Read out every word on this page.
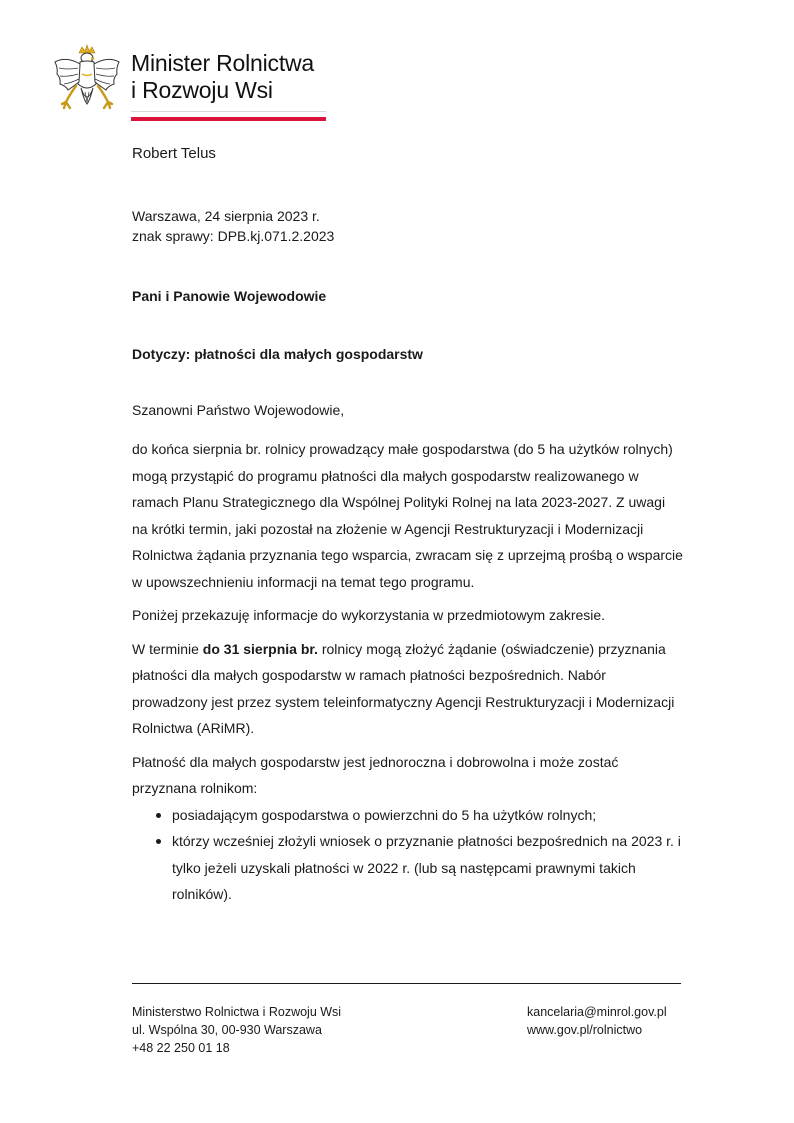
Minister Rolnictwa
i Rozwoju Wsi
Robert Telus
Warszawa, 24 sierpnia 2023 r.
znak sprawy: DPB.kj.071.2.2023
Pani i Panowie Wojewodowie
Dotyczy: płatności dla małych gospodarstw
Szanowni Państwo Wojewodowie,

do końca sierpnia br. rolnicy prowadzący małe gospodarstwa (do 5 ha użytków rolnych) mogą przystąpić do programu płatności dla małych gospodarstw realizowanego w ramach Planu Strategicznego dla Wspólnej Polityki Rolnej na lata 2023-2027. Z uwagi na krótki termin, jaki pozostał na złożenie w Agencji Restrukturyzacji i Modernizacji Rolnictwa żądania przyznania tego wsparcia, zwracam się z uprzejmą prośbą o wsparcie w upowszechnieniu informacji na temat tego programu.

Poniżej przekazuję informacje do wykorzystania w przedmiotowym zakresie.

W terminie do 31 sierpnia br. rolnicy mogą złożyć żądanie (oświadczenie) przyznania płatności dla małych gospodarstw w ramach płatności bezpośrednich. Nabór prowadzony jest przez system teleinformatyczny Agencji Restrukturyzacji i Modernizacji Rolnictwa (ARiMR).

Płatność dla małych gospodarstw jest jednoroczna i dobrowolna i może zostać przyznana rolnikom:

posiadającym gospodarstwa o powierzchni do 5 ha użytków rolnych;
którzy wcześniej złożyli wniosek o przyznanie płatności bezpośrednich na 2023 r. i tylko jeżeli uzyskali płatności w 2022 r. (lub są następcami prawnymi takich rolników).
Ministerstwo Rolnictwa i Rozwoju Wsi
ul. Wspólna 30, 00-930 Warszawa
+48 22 250 01 18
kancelaria@minrol.gov.pl
www.gov.pl/rolnictwo
